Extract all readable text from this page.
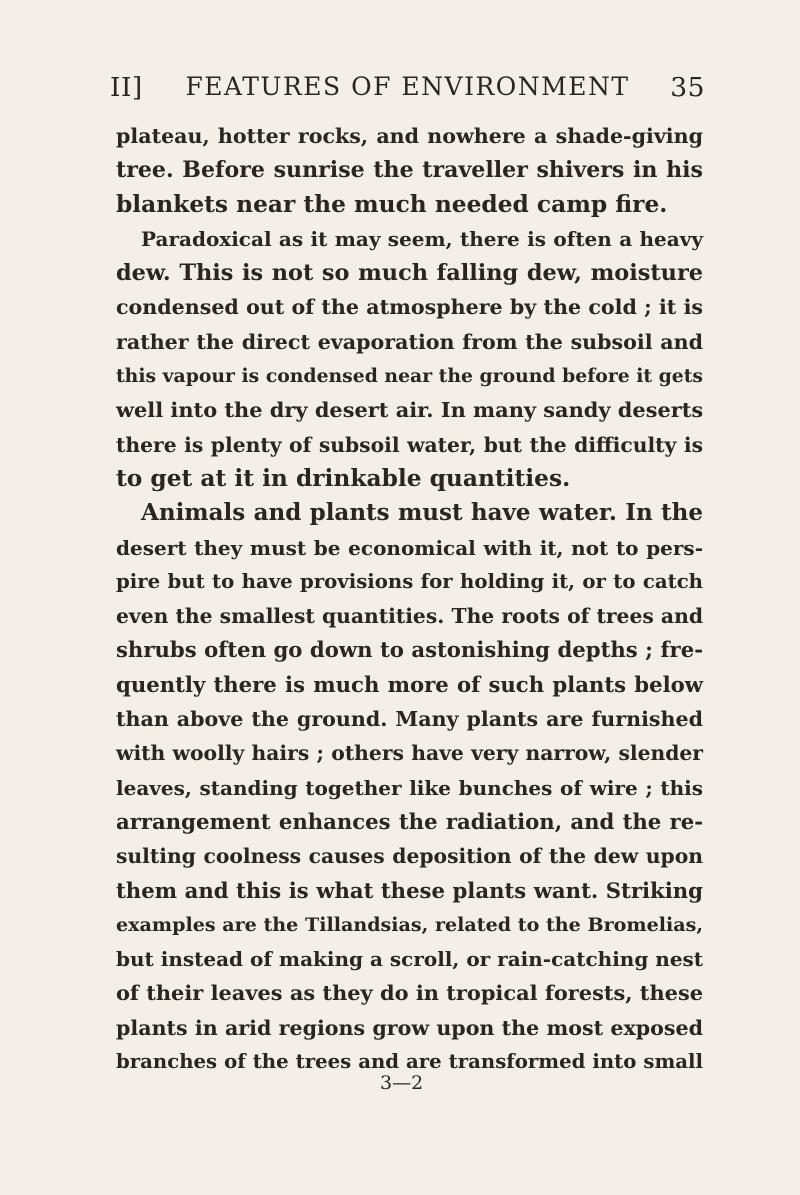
II]	FEATURES OF ENVIRONMENT	35
plateau, hotter rocks, and nowhere a shade-giving
tree. Before sunrise the traveller shivers in his
blankets near the much needed camp fire.
Paradoxical as it may seem, there is often a heavy
dew. This is not so much falling dew, moisture
condensed out of the atmosphere by the cold ; it is
rather the direct evaporation from the subsoil and
this vapour is condensed near the ground before it gets
well into the dry desert air. In many sandy deserts
there is plenty of subsoil water, but the difficulty is
to get at it in drinkable quantities.
Animals and plants must have water. In the
desert they must be economical with it, not to pers-
pire but to have provisions for holding it, or to catch
even the smallest quantities. The roots of trees and
shrubs often go down to astonishing depths ; fre-
quently there is much more of such plants below
than above the ground. Many plants are furnished
with woolly hairs ; others have very narrow, slender
leaves, standing together like bunches of wire ; this
arrangement enhances the radiation, and the re-
sulting coolness causes deposition of the dew upon
them and this is what these plants want. Striking
examples are the Tillandsias, related to the Bromelias,
but instead of making a scroll, or rain-catching nest
of their leaves as they do in tropical forests, these
plants in arid regions grow upon the most exposed
branches of the trees and are transformed into small
3—2
